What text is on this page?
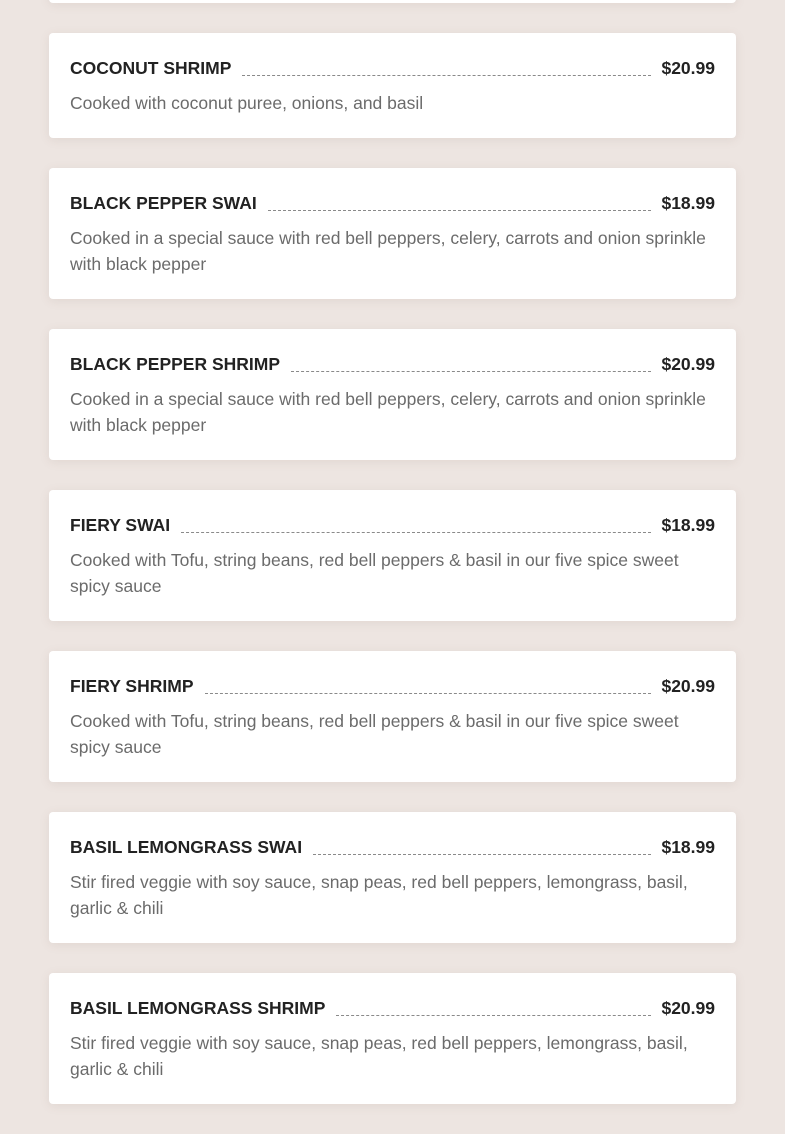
COCONUT SHRIMP	$20.99
Cooked with coconut puree, onions, and basil
BLACK PEPPER SWAI	$18.99
Cooked in a special sauce with red bell peppers, celery, carrots and onion sprinkle with black pepper
BLACK PEPPER SHRIMP	$20.99
Cooked in a special sauce with red bell peppers, celery, carrots and onion sprinkle with black pepper
FIERY SWAI	$18.99
Cooked with Tofu, string beans, red bell peppers & basil in our five spice sweet spicy sauce
FIERY SHRIMP	$20.99
Cooked with Tofu, string beans, red bell peppers & basil in our five spice sweet spicy sauce
BASIL LEMONGRASS SWAI	$18.99
Stir fired veggie with soy sauce, snap peas, red bell peppers, lemongrass, basil, garlic & chili
BASIL LEMONGRASS SHRIMP	$20.99
Stir fired veggie with soy sauce, snap peas, red bell peppers, lemongrass, basil, garlic & chili
